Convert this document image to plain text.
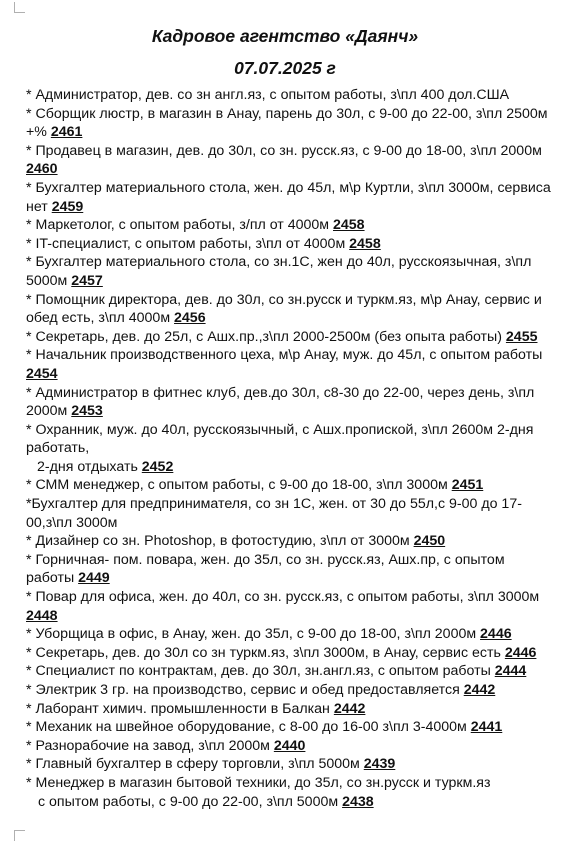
Кадровое агентство «Даянч»
07.07.2025 г
* Администратор, дев. со зн англ.яз, с опытом работы, з\пл 400 дол.США
* Сборщик люстр, в магазин в Анау, парень до 30л, с 9-00 до 22-00, з\пл 2500м
+% 2461
* Продавец в магазин, дев. до 30л, со зн. русск.яз, с 9-00 до 18-00, з\пл 2000м
2460
* Бухгалтер материального стола, жен. до 45л, м\р Куртли, з\пл 3000м, сервиса
нет 2459
* Маркетолог, с опытом работы, з/пл от 4000м 2458
* IT-специалист, с опытом работы, з\пл от 4000м 2458
* Бухгалтер материального стола, со зн.1С, жен до 40л, русскоязычная, з\пл
5000м 2457
* Помощник директора, дев. до 30л, со зн.русск и туркм.яз, м\р Анау, сервис и
обед есть, з\пл 4000м 2456
* Секретарь, дев. до 25л, с Ашх.пр.,з\пл 2000-2500м (без опыта работы) 2455
* Начальник производственного цеха, м\р Анау, муж. до 45л, с опытом работы
2454
* Администратор в фитнес клуб, дев.до 30л, с8-30 до 22-00, через день, з\пл
2000м 2453
* Охранник, муж. до 40л, русскоязычный, с Ашх.пропиской, з\пл 2600м 2-дня
работать,
2-дня отдыхать 2452
* СММ менеджер, с опытом работы, с 9-00 до 18-00, з\пл 3000м 2451
*Бухгалтер для предпринимателя, со зн 1С, жен. от 30 до 55л,с 9-00 до 17-
00,з\пл 3000м
* Дизайнер со зн. Photoshop, в фотостудию, з\пл от 3000м 2450
* Горничная- пом. повара, жен. до 35л, со зн. русск.яз, Ашх.пр, с опытом
работы 2449
* Повар для офиса, жен. до 40л, со зн. русск.яз, с опытом работы, з\пл 3000м
2448
* Уборщица в офис, в Анау, жен. до 35л, с 9-00 до 18-00, з\пл 2000м 2446
* Секретарь, дев. до 30л со зн туркм.яз, з\пл 3000м, в Анау, сервис есть 2446
* Специалист по контрактам, дев. до 30л, зн.англ.яз, с опытом работы 2444
* Электрик 3 гр. на производство, сервис и обед предоставляется 2442
* Лаборант химич. промышленности в Балкан 2442
* Механик на швейное оборудование, с 8-00 до 16-00 з\пл 3-4000м 2441
* Разнорабочие на завод, з\пл 2000м 2440
* Главный бухгалтер в сферу торговли, з\пл 5000м 2439
* Менеджер в магазин бытовой техники, до 35л, со зн.русск и туркм.яз
с опытом работы, с 9-00 до 22-00, з\пл 5000м 2438
